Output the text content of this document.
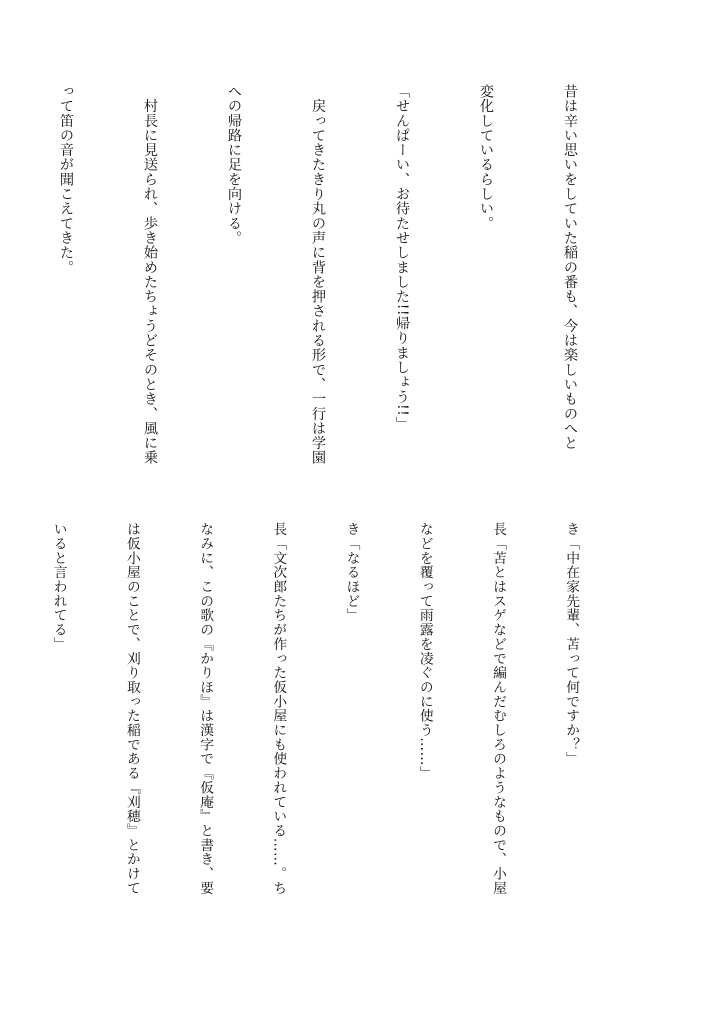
昔は辛い思いをしていた稲の番も、今は楽しいものへと

変化しているらしい。

「せんぱーい、お待たせしました!!帰りましょう!!」

　戻ってきたきり丸の声に背を押される形で、一行は学園

への帰路に足を向ける。

　村長に見送られ、歩き始めたちょうどそのとき、風に乗

って笛の音が聞こえてきた。

き「中在家先輩、苫って何ですか？」

長「苫とはスゲなどで編んだむしろのようなもので、小屋

などを覆って雨露を凌ぐのに使う……」

き「なるほど」

長「文次郎たちが作った仮小屋にも使われている……。ち

なみに、この歌の『かりほ』は漢字で『仮庵』と書き、要

は仮小屋のことで、刈り取った稲である『刈穂』とかけて

いると言われてる」
